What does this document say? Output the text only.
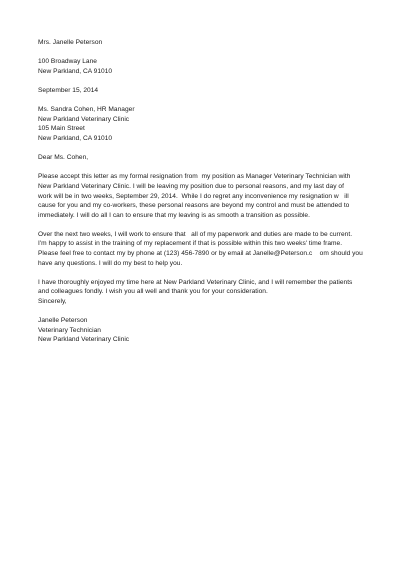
Mrs. Janelle Peterson
100 Broadway Lane
New Parkland, CA 91010
September 15, 2014
Ms. Sandra Cohen, HR Manager
New Parkland Veterinary Clinic
105 Main Street
New Parkland, CA 91010
Dear Ms. Cohen,
Please accept this letter as my formal resignation from  my position as Manager Veterinary Technician with
New Parkland Veterinary Clinic. I will be leaving my position due to personal reasons, and my last day of
work will be in two weeks, September 29, 2014.  While I do regret any inconvenience my resignation w   ill
cause for you and my co-workers, these personal reasons are beyond my control and must be attended to
immediately. I will do all I can to ensure that my leaving is as smooth a transition as possible.
Over the next two weeks, I will work to ensure that   all of my paperwork and duties are made to be current.
I'm happy to assist in the training of my replacement if that is possible within this two weeks' time frame.
Please feel free to contact my by phone at (123) 456-7890 or by email at Janelle@Peterson.c    om should you
have any questions. I will do my best to help you.
I have thoroughly enjoyed my time here at New Parkland Veterinary Clinic, and I will remember the patients
and colleagues fondly. I wish you all well and thank you for your consideration.
Sincerely,
Janelle Peterson
Veterinary Technician
New Parkland Veterinary Clinic
